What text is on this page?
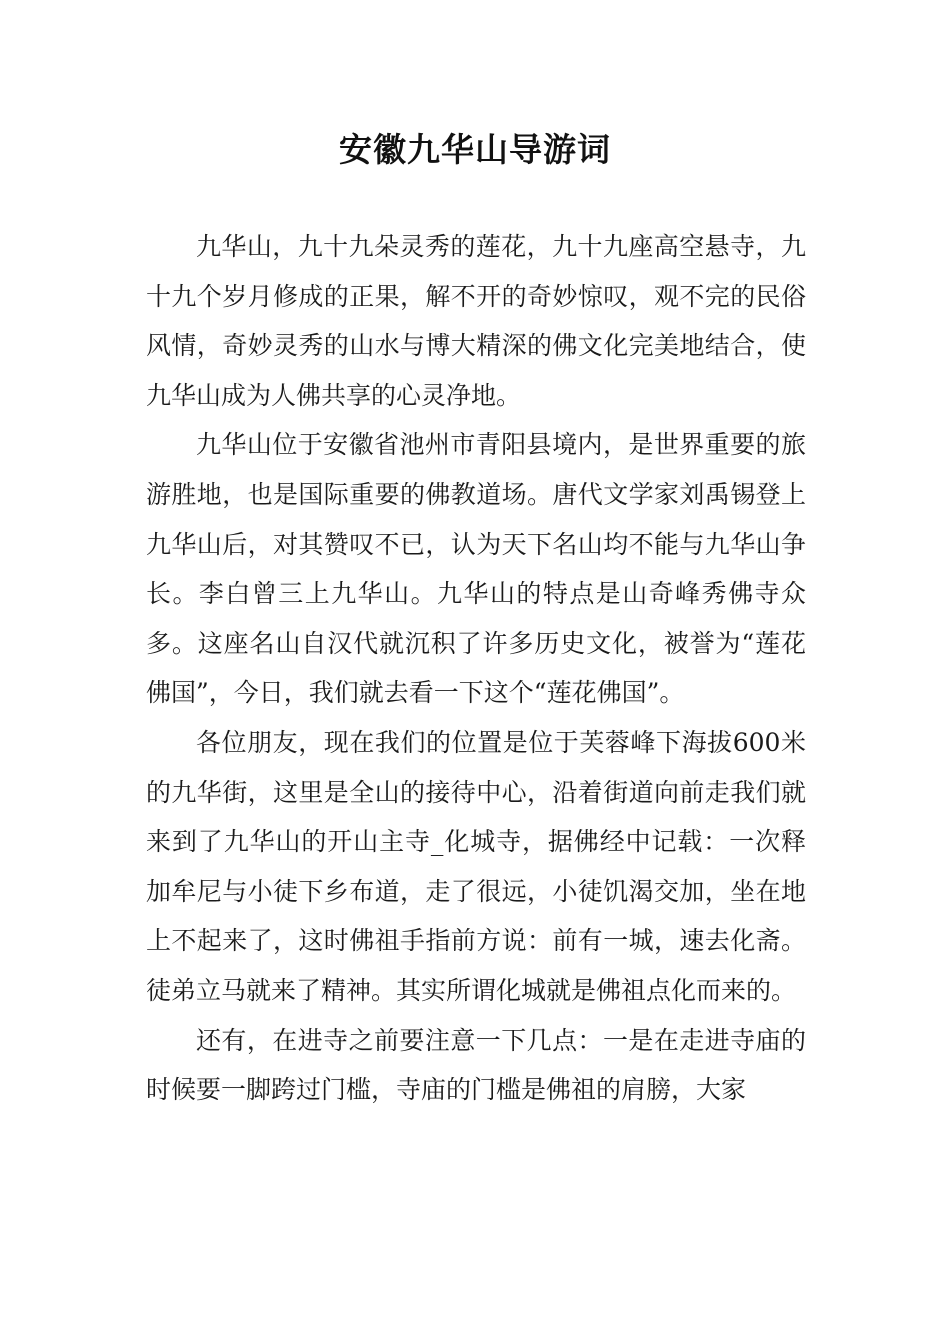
安徽九华山导游词

九华山，九十九朵灵秀的莲花，九十九座高空悬寺，九十九个岁月修成的正果，解不开的奇妙惊叹，观不完的民俗风情，奇妙灵秀的山水与博大精深的佛文化完美地结合，使九华山成为人佛共享的心灵净地。

九华山位于安徽省池州市青阳县境内，是世界重要的旅游胜地，也是国际重要的佛教道场。唐代文学家刘禹锡登上九华山后，对其赞叹不已，认为天下名山均不能与九华山争长。李白曾三上九华山。九华山的特点是山奇峰秀佛寺众多。这座名山自汉代就沉积了许多历史文化，被誉为“莲花佛国”，今日，我们就去看一下这个“莲花佛国”。

各位朋友，现在我们的位置是位于芙蓉峰下海拔600米的九华街，这里是全山的接待中心，沿着街道向前走我们就来到了九华山的开山主寺_化城寺，据佛经中记载：一次释加牟尼与小徒下乡布道，走了很远，小徒饥渴交加，坐在地上不起来了，这时佛祖手指前方说：前有一城，速去化斋。徒弟立马就来了精神。其实所谓化城就是佛祖点化而来的。

还有，在进寺之前要注意一下几点：一是在走进寺庙的时候要一脚跨过门槛，寺庙的门槛是佛祖的肩膀，大家
